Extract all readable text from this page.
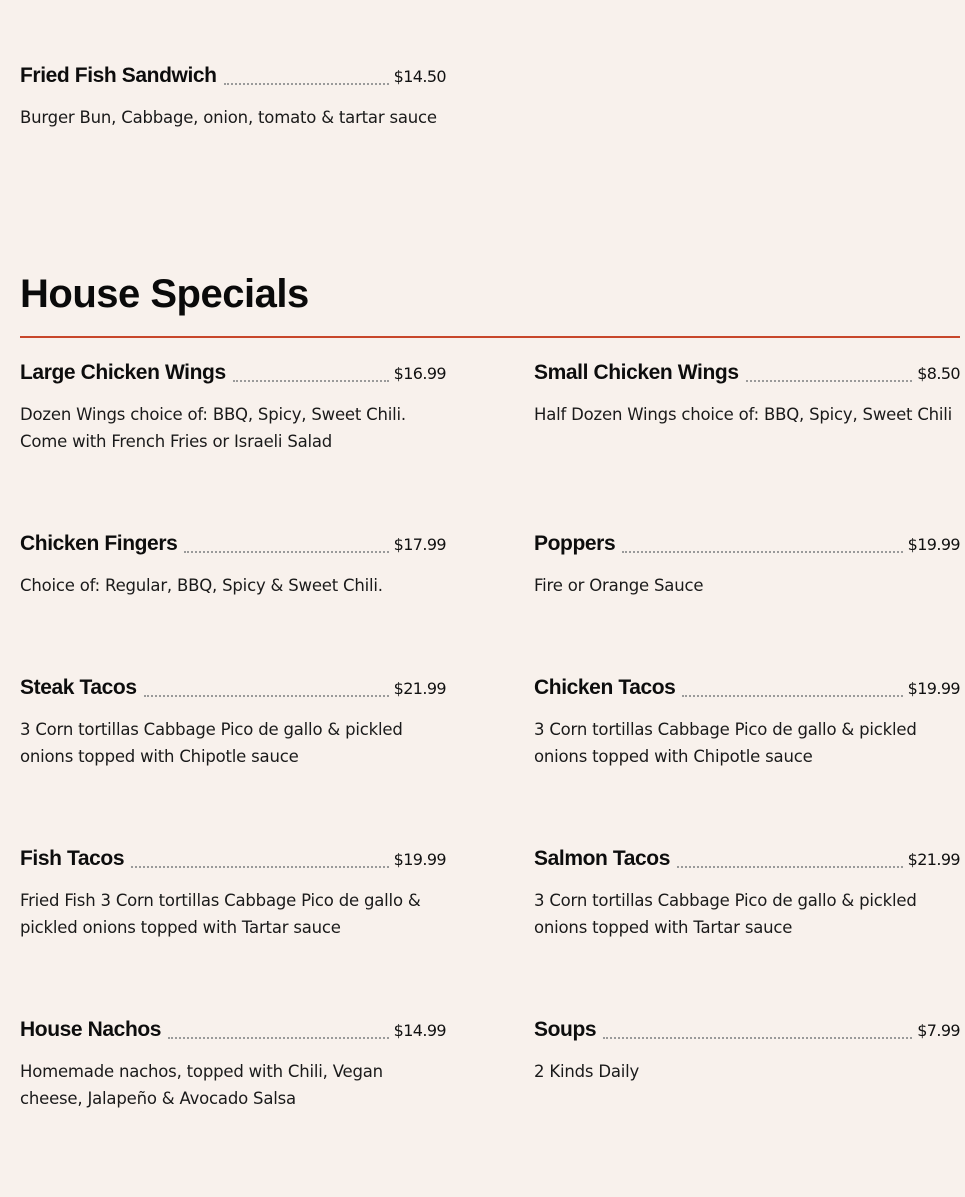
Fried Fish Sandwich	$14.50
Burger Bun, Cabbage, onion, tomato & tartar sauce
House Specials
Large Chicken Wings	$16.99
Dozen Wings choice of: BBQ, Spicy, Sweet Chili. Come with French Fries or Israeli Salad
Small Chicken Wings	$8.50
Half Dozen Wings choice of: BBQ, Spicy, Sweet Chili
Chicken Fingers	$17.99
Choice of: Regular, BBQ, Spicy & Sweet Chili.
Poppers	$19.99
Fire or Orange Sauce
Steak Tacos	$21.99
3 Corn tortillas Cabbage Pico de gallo & pickled onions topped with Chipotle sauce
Chicken Tacos	$19.99
3 Corn tortillas Cabbage Pico de gallo & pickled onions topped with Chipotle sauce
Fish Tacos	$19.99
Fried Fish 3 Corn tortillas Cabbage Pico de gallo & pickled onions topped with Tartar sauce
Salmon Tacos	$21.99
3 Corn tortillas Cabbage Pico de gallo & pickled onions topped with Tartar sauce
House Nachos	$14.99
Homemade nachos, topped with Chili, Vegan cheese, Jalapeño & Avocado Salsa
Soups	$7.99
2 Kinds Daily
